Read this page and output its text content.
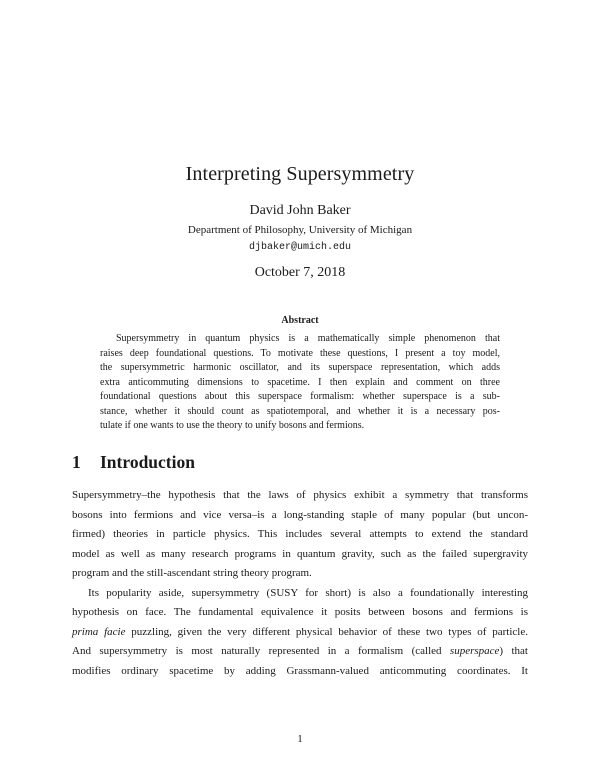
Interpreting Supersymmetry
David John Baker
Department of Philosophy, University of Michigan
djbaker@umich.edu
October 7, 2018
Abstract
Supersymmetry in quantum physics is a mathematically simple phenomenon that
raises deep foundational questions. To motivate these questions, I present a toy model,
the supersymmetric harmonic oscillator, and its superspace representation, which adds
extra anticommuting dimensions to spacetime. I then explain and comment on three
foundational questions about this superspace formalism: whether superspace is a sub-
stance, whether it should count as spatiotemporal, and whether it is a necessary pos-
tulate if one wants to use the theory to unify bosons and fermions.
1 Introduction
Supersymmetry–the hypothesis that the laws of physics exhibit a symmetry that transforms
bosons into fermions and vice versa–is a long-standing staple of many popular (but uncon-
firmed) theories in particle physics. This includes several attempts to extend the standard
model as well as many research programs in quantum gravity, such as the failed supergravity
program and the still-ascendant string theory program.
Its popularity aside, supersymmetry (SUSY for short) is also a foundationally interesting
hypothesis on face. The fundamental equivalence it posits between bosons and fermions is
prima facie puzzling, given the very different physical behavior of these two types of particle.
And supersymmetry is most naturally represented in a formalism (called superspace) that
modifies ordinary spacetime by adding Grassmann-valued anticommuting coordinates. It
1
